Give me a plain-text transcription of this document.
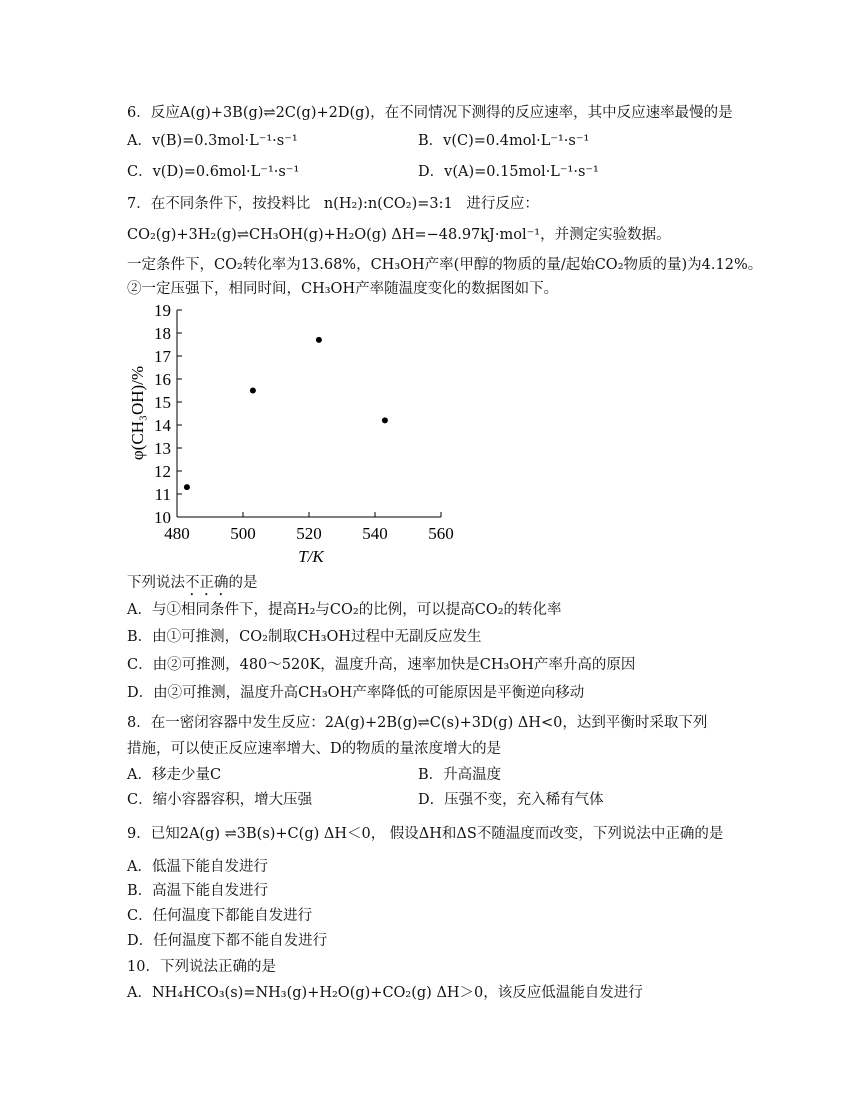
6．反应A(g)+3B(g)⇌2C(g)+2D(g)，在不同情况下测得的反应速率，其中反应速率最慢的是
A．v(B)=0.3mol·L⁻¹·s⁻¹	B．v(C)=0.4mol·L⁻¹·s⁻¹
C．v(D)=0.6mol·L⁻¹·s⁻¹	D．v(A)=0.15mol·L⁻¹·s⁻¹
7．在不同条件下，按投料比 n(H₂):n(CO₂)=3:1 进行反应：
CO₂(g)+3H₂(g)⇌CH₃OH(g)+H₂O(g) ΔH=−48.97kJ·mol⁻¹，并测定实验数据。
一定条件下，CO₂转化率为13.68%，CH₃OH产率(甲醇的物质的量/起始CO₂物质的量)为4.12%。
②一定压强下，相同时间，CH₃OH产率随温度变化的数据图如下。
480 500 520 540 560
10
11
12
13
14
15
16
17
18
19
T/K
φ(CH₃OH)/%
下列说法不正确的是
A．与①相同条件下，提高H₂与CO₂的比例，可以提高CO₂的转化率
B．由①可推测，CO₂制取CH₃OH过程中无副反应发生
C．由②可推测，480～520K，温度升高，速率加快是CH₃OH产率升高的原因
D．由②可推测，温度升高CH₃OH产率降低的可能原因是平衡逆向移动
8．在一密闭容器中发生反应：2A(g)+2B(g)⇌C(s)+3D(g) ΔH<0，达到平衡时采取下列
措施，可以使正反应速率增大、D的物质的量浓度增大的是
A．移走少量C	B．升高温度
C．缩小容器容积，增大压强	D．压强不变，充入稀有气体
9．已知2A(g) ⇌3B(s)+C(g) ΔH＜0， 假设ΔH和ΔS不随温度而改变，下列说法中正确的是
A．低温下能自发进行
B．高温下能自发进行
C．任何温度下都能自发进行
D．任何温度下都不能自发进行
10．下列说法正确的是
A．NH₄HCO₃(s)=NH₃(g)+H₂O(g)+CO₂(g) ΔH＞0，该反应低温能自发进行
